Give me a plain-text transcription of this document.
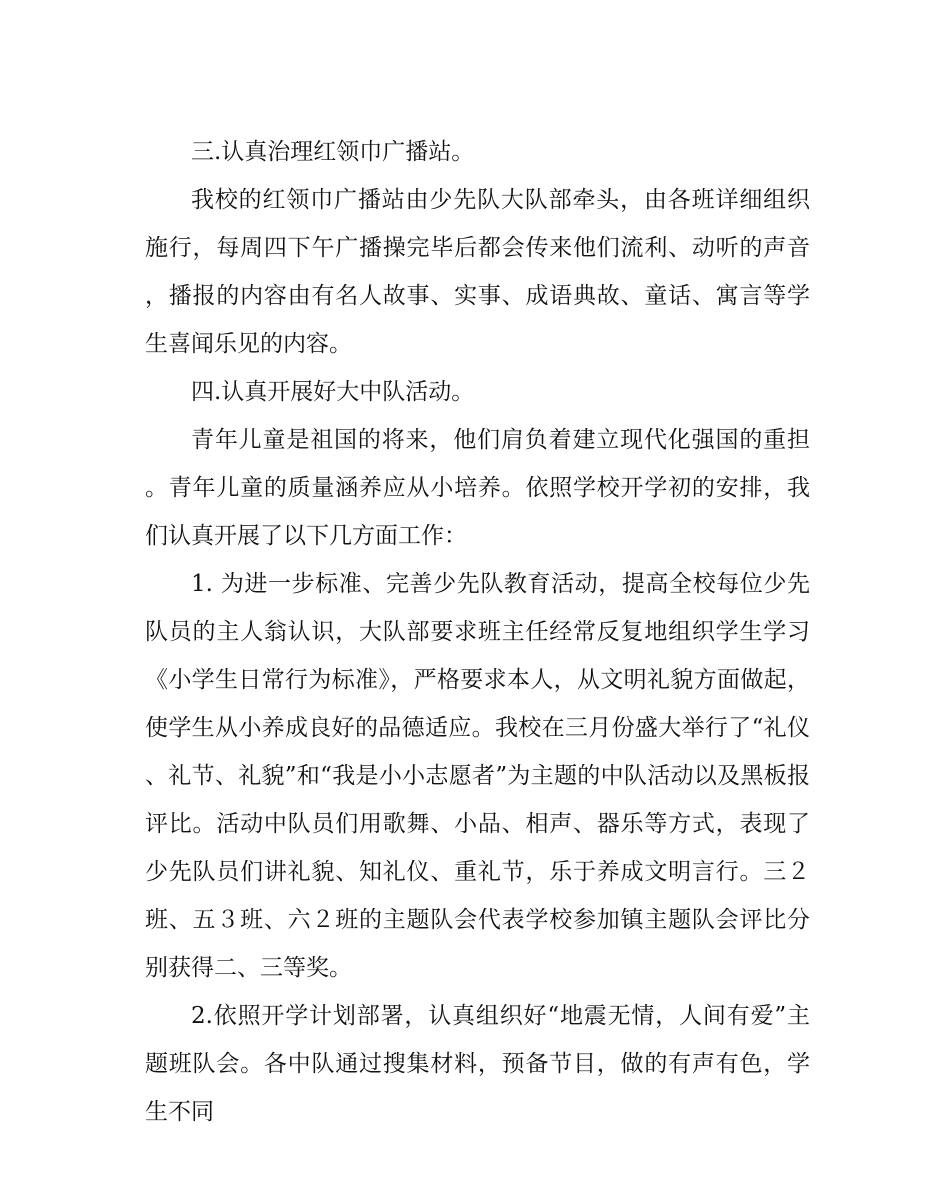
三.认真治理红领巾广播站。

我校的红领巾广播站由少先队大队部牵头，由各班详细组织施行，每周四下午广播操完毕后都会传来他们流利、动听的声音，播报的内容由有名人故事、实事、成语典故、童话、寓言等学生喜闻乐见的内容。

四.认真开展好大中队活动。

青年儿童是祖国的将来，他们肩负着建立现代化强国的重担。青年儿童的质量涵养应从小培养。依照学校开学初的安排，我们认真开展了以下几方面工作：

1. 为进一步标准、完善少先队教育活动，提高全校每位少先队员的主人翁认识，大队部要求班主任经常反复地组织学生学习《小学生日常行为标准》，严格要求本人，从文明礼貌方面做起，使学生从小养成良好的品德适应。我校在三月份盛大举行了“礼仪、礼节、礼貌”和“我是小小志愿者”为主题的中队活动以及黑板报评比。活动中队员们用歌舞、小品、相声、器乐等方式，表现了少先队员们讲礼貌、知礼仪、重礼节，乐于养成文明言行。三２班、五３班、六２班的主题队会代表学校参加镇主题队会评比分别获得二、三等奖。

2.依照开学计划部署，认真组织好“地震无情，人间有爱”主题班队会。各中队通过搜集材料，预备节目，做的有声有色，学生不同
